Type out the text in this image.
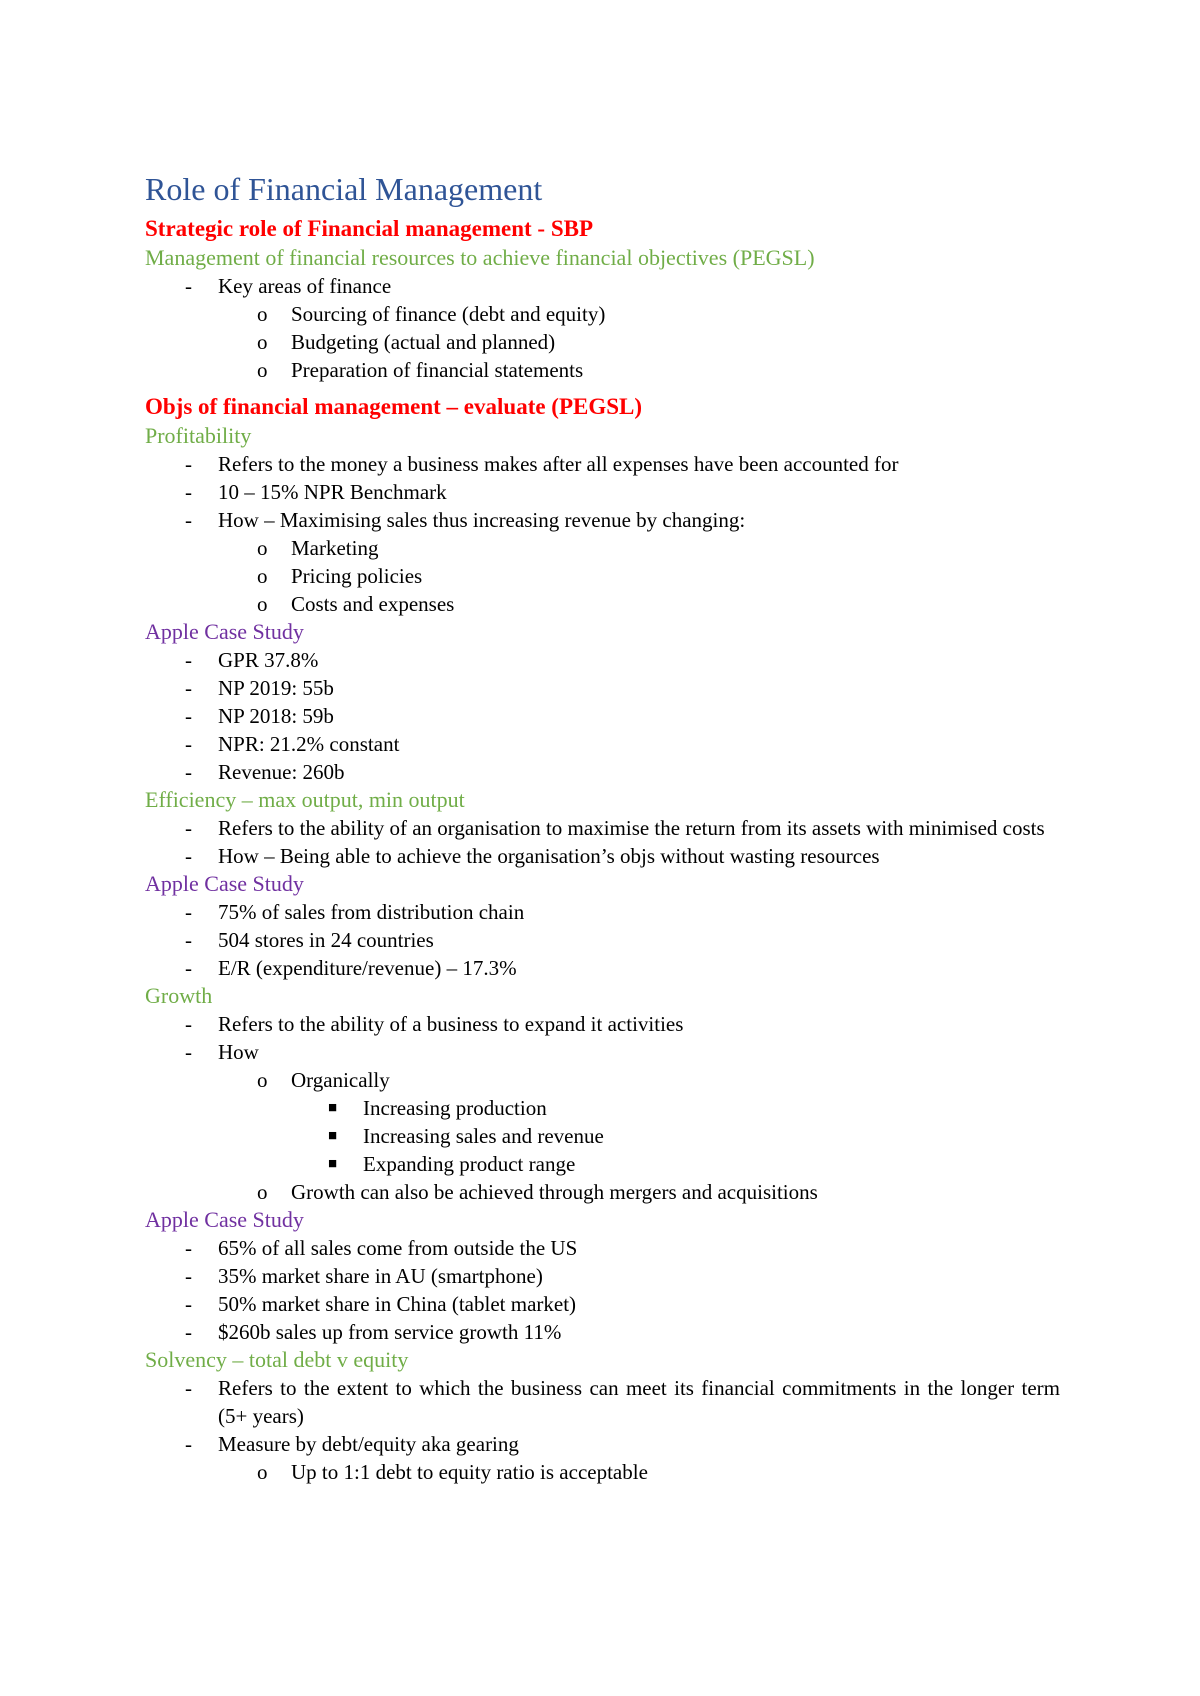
Role of Financial Management
Strategic role of Financial management - SBP
Management of financial resources to achieve financial objectives (PEGSL)
- Key areas of finance
o Sourcing of finance (debt and equity)
o Budgeting (actual and planned)
o Preparation of financial statements
Objs of financial management – evaluate (PEGSL)
Profitability
- Refers to the money a business makes after all expenses have been accounted for
- 10 – 15% NPR Benchmark
- How – Maximising sales thus increasing revenue by changing:
o Marketing
o Pricing policies
o Costs and expenses
Apple Case Study
- GPR 37.8%
- NP 2019: 55b
- NP 2018: 59b
- NPR: 21.2% constant
- Revenue: 260b
Efficiency – max output, min output
- Refers to the ability of an organisation to maximise the return from its assets with minimised costs
- How – Being able to achieve the organisation’s objs without wasting resources
Apple Case Study
- 75% of sales from distribution chain
- 504 stores in 24 countries
- E/R (expenditure/revenue) – 17.3%
Growth
- Refers to the ability of a business to expand it activities
- How
o Organically
■ Increasing production
■ Increasing sales and revenue
■ Expanding product range
o Growth can also be achieved through mergers and acquisitions
Apple Case Study
- 65% of all sales come from outside the US
- 35% market share in AU (smartphone)
- 50% market share in China (tablet market)
- $260b sales up from service growth 11%
Solvency – total debt v equity
- Refers to the extent to which the business can meet its financial commitments in the longer term (5+ years)
- Measure by debt/equity aka gearing
o Up to 1:1 debt to equity ratio is acceptable
